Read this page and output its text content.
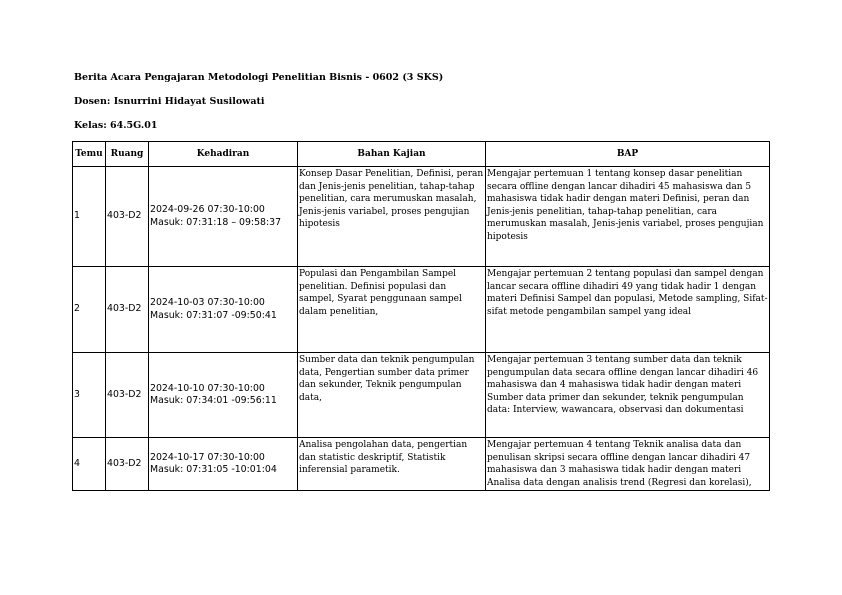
Berita Acara Pengajaran Metodologi Penelitian Bisnis - 0602 (3 SKS)
Dosen: Isnurrini Hidayat Susilowati
Kelas: 64.5G.01
Temu	Ruang	Kehadiran	Bahan Kajian	BAP
1	403-D2	2024-09-26 07:30-10:00
Masuk: 07:31:18 – 09:58:37	Konsep Dasar Penelitian, Definisi, peran dan Jenis-jenis penelitian, tahap-tahap penelitian, cara merumuskan masalah, Jenis-jenis variabel, proses pengujian hipotesis	Mengajar pertemuan 1 tentang konsep dasar penelitian secara offline dengan lancar dihadiri 45 mahasiswa dan 5 mahasiswa tidak hadir dengan materi Definisi, peran dan Jenis-jenis penelitian, tahap-tahap penelitian, cara merumuskan masalah, Jenis-jenis variabel, proses pengujian hipotesis
2	403-D2	2024-10-03 07:30-10:00
Masuk: 07:31:07 -09:50:41	Populasi dan Pengambilan Sampel penelitian. Definisi populasi dan sampel, Syarat penggunaan sampel dalam penelitian,	Mengajar pertemuan 2 tentang populasi dan sampel dengan lancar secara offline dihadiri 49 yang tidak hadir 1 dengan materi Definisi Sampel dan populasi, Metode sampling, Sifat-sifat metode pengambilan sampel yang ideal
3	403-D2	2024-10-10 07:30-10:00
Masuk: 07:34:01 -09:56:11	Sumber data dan teknik pengumpulan data, Pengertian sumber data primer dan sekunder, Teknik pengumpulan data,	Mengajar pertemuan 3 tentang sumber data dan teknik pengumpulan data secara offline dengan lancar dihadiri 46 mahasiswa dan 4 mahasiswa tidak hadir dengan materi Sumber data primer dan sekunder, teknik pengumpulan data: Interview, wawancara, observasi dan dokumentasi
4	403-D2	2024-10-17 07:30-10:00
Masuk: 07:31:05 -10:01:04	Analisa pengolahan data, pengertian dan statistic deskriptif, Statistik inferensial parametik.	Mengajar pertemuan 4 tentang Teknik analisa data dan penulisan skripsi secara offline dengan lancar dihadiri 47 mahasiswa dan 3 mahasiswa tidak hadir dengan materi Analisa data dengan analisis trend (Regresi dan korelasi),
